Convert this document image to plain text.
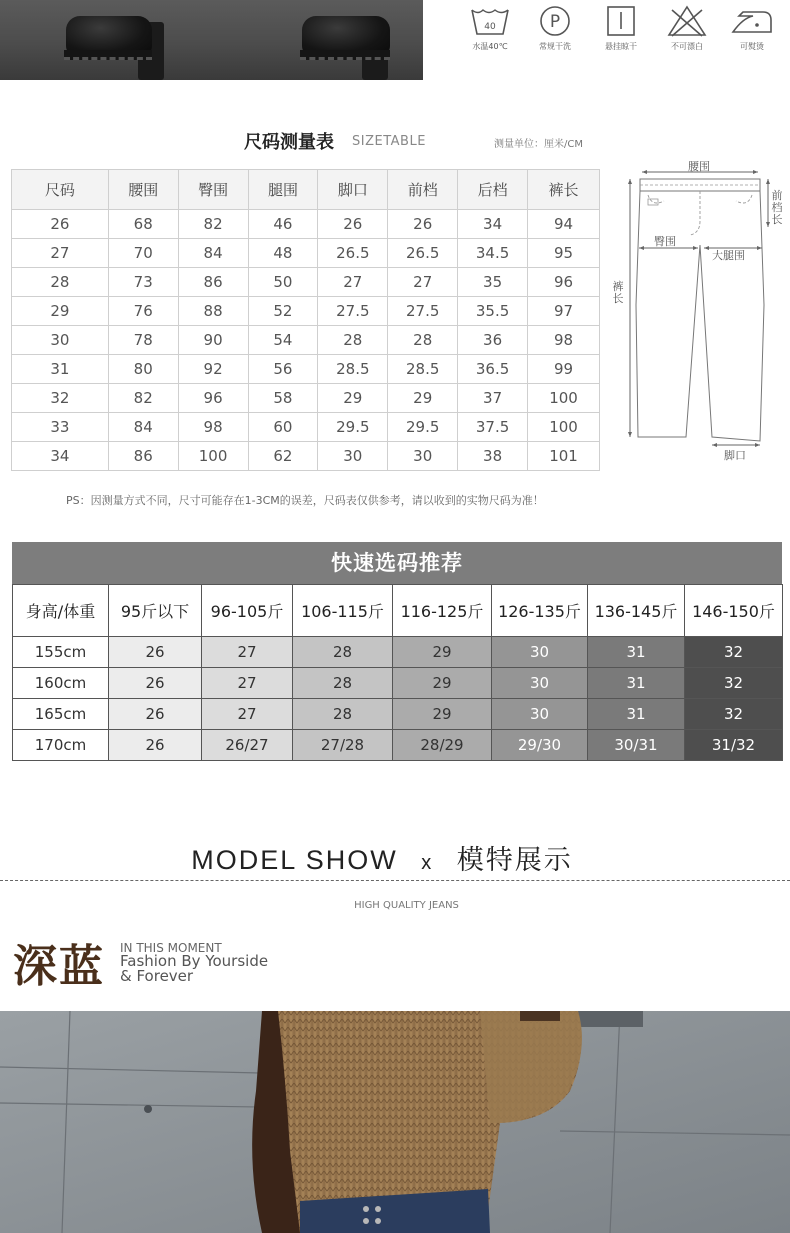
40
水温40℃
P
常规干洗	悬挂晾干	不可漂白	可熨烫
尺码测量表 SIZETABLE	测量单位：厘米/CM
尺码	腰围	臀围	腿围	脚口	前档	后档	裤长
26	68	82	46	26	26	34	94
27	70	84	48	26.5	26.5	34.5	95
28	73	86	50	27	27	35	96
29	76	88	52	27.5	27.5	35.5	97
30	78	90	54	28	28	36	98
31	80	92	56	28.5	28.5	36.5	99
32	82	96	58	29	29	37	100
33	84	98	60	29.5	29.5	37.5	100
34	86	100	62	30	30	38	101
腰围
前档长
臀围
大腿围
裤长
脚口
PS：因测量方式不同，尺寸可能存在1-3CM的误差，尺码表仅供参考，请以收到的实物尺码为准！
快速选码推荐
身高/体重	95斤以下	96-105斤	106-115斤	116-125斤	126-135斤	136-145斤	146-150斤
155cm	26	27	28	29	30	31	32
160cm	26	27	28	29	30	31	32
165cm	26	27	28	29	30	31	32
170cm	26	26/27	27/28	28/29	29/30	30/31	31/32
MODEL SHOW x 模特展示
HIGH QUALITY JEANS
深蓝 IN THIS MOMENT
Fashion By Yourside
& Forever
